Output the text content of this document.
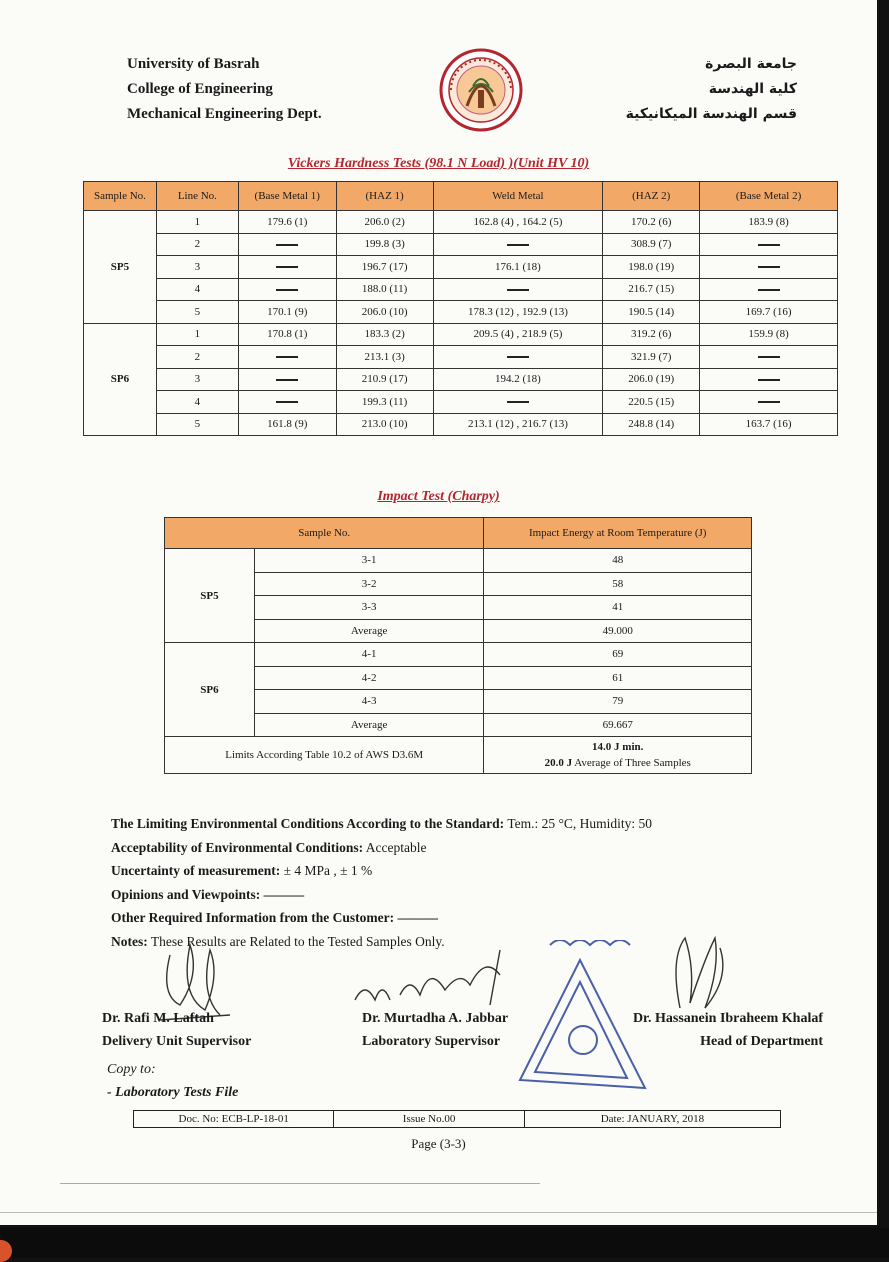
University of Basrah
College of Engineering
Mechanical Engineering Dept.
جامعة البصرة
كلية الهندسة
قسم الهندسة الميكانيكية
Vickers Hardness Tests (98.1 N Load) )(Unit HV 10)
Sample No.	Line No.	(Base Metal 1)	(HAZ 1)	Weld Metal	(HAZ 2)	(Base Metal 2)
SP5	1	179.6 (1)	206.0 (2)	162.8 (4) , 164.2 (5)	170.2 (6)	183.9 (8)
	2		199.8 (3)		308.9 (7)	
	3		196.7 (17)	176.1 (18)	198.0 (19)	
	4		188.0 (11)		216.7 (15)	
	5	170.1 (9)	206.0 (10)	178.3 (12) , 192.9 (13)	190.5 (14)	169.7 (16)
SP6	1	170.8 (1)	183.3 (2)	209.5 (4) , 218.9 (5)	319.2 (6)	159.9 (8)
	2		213.1 (3)		321.9 (7)	
	3		210.9 (17)	194.2 (18)	206.0 (19)	
	4		199.3 (11)		220.5 (15)	
	5	161.8 (9)	213.0 (10)	213.1 (12) , 216.7 (13)	248.8 (14)	163.7 (16)
Impact Test (Charpy)
Sample No.		Impact Energy at Room Temperature (J)
SP5	3-1	48
	3-2	58
	3-3	41
	Average	49.000
SP6	4-1	69
	4-2	61
	4-3	79
	Average	69.667
Limits According Table 10.2 of AWS D3.6M		14.0 J min.
20.0 J Average of Three Samples
The Limiting Environmental Conditions According to the Standard: Tem.: 25 °C, Humidity: 50
Acceptability of Environmental Conditions: Acceptable
Uncertainty of measurement: ± 4 MPa , ± 1 %
Opinions and Viewpoints: ———
Other Required Information from the Customer: ———
Notes: These Results are Related to the Tested Samples Only.
Dr. Rafi M. Laftah
Delivery Unit Supervisor
Dr. Murtadha A. Jabbar
Laboratory Supervisor
Dr. Hassanein Ibraheem Khalaf
Head of Department
Copy to:
- Laboratory Tests File
Doc. No: ECB-LP-18-01	Issue No.00	Date: JANUARY, 2018
Page (3-3)
